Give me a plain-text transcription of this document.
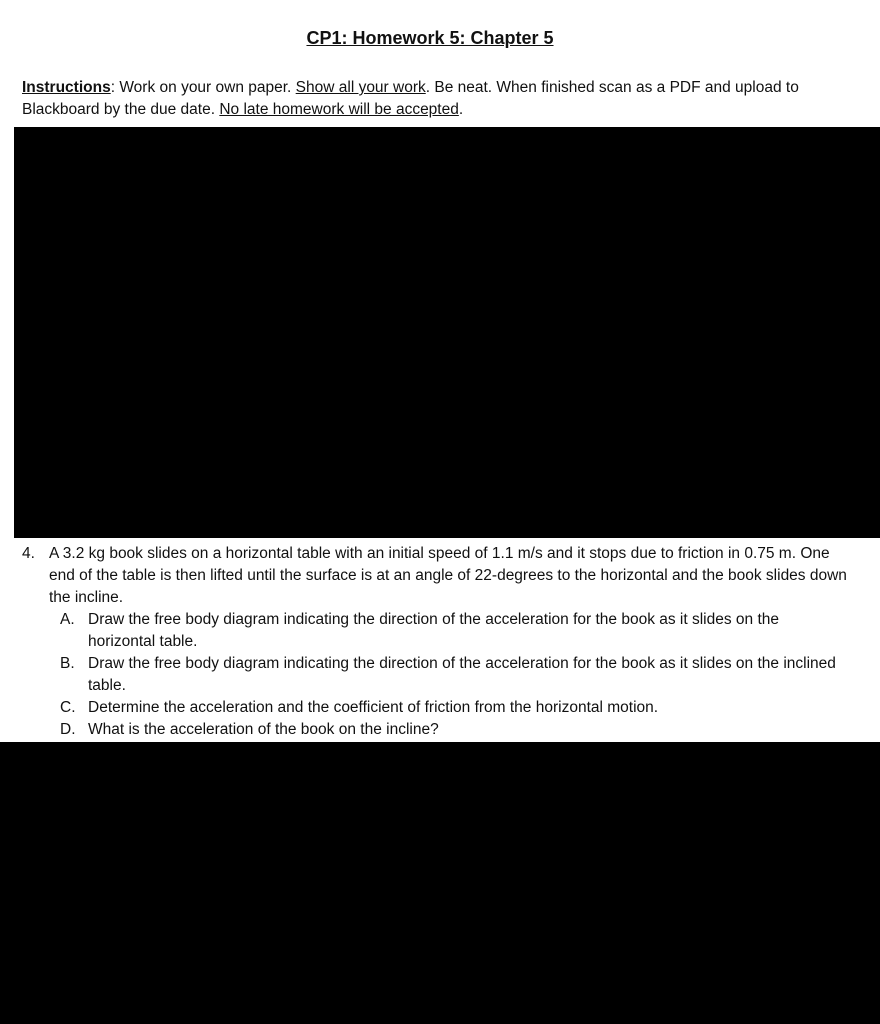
CP1: Homework 5: Chapter 5
Instructions: Work on your own paper. Show all your work. Be neat. When finished scan as a PDF and upload to Blackboard by the due date. No late homework will be accepted.
4. A 3.2 kg book slides on a horizontal table with an initial speed of 1.1 m/s and it stops due to friction in 0.75 m. One end of the table is then lifted until the surface is at an angle of 22-degrees to the horizontal and the book slides down the incline.
A. Draw the free body diagram indicating the direction of the acceleration for the book as it slides on the horizontal table.
B. Draw the free body diagram indicating the direction of the acceleration for the book as it slides on the inclined table.
C. Determine the acceleration and the coefficient of friction from the horizontal motion.
D. What is the acceleration of the book on the incline?
